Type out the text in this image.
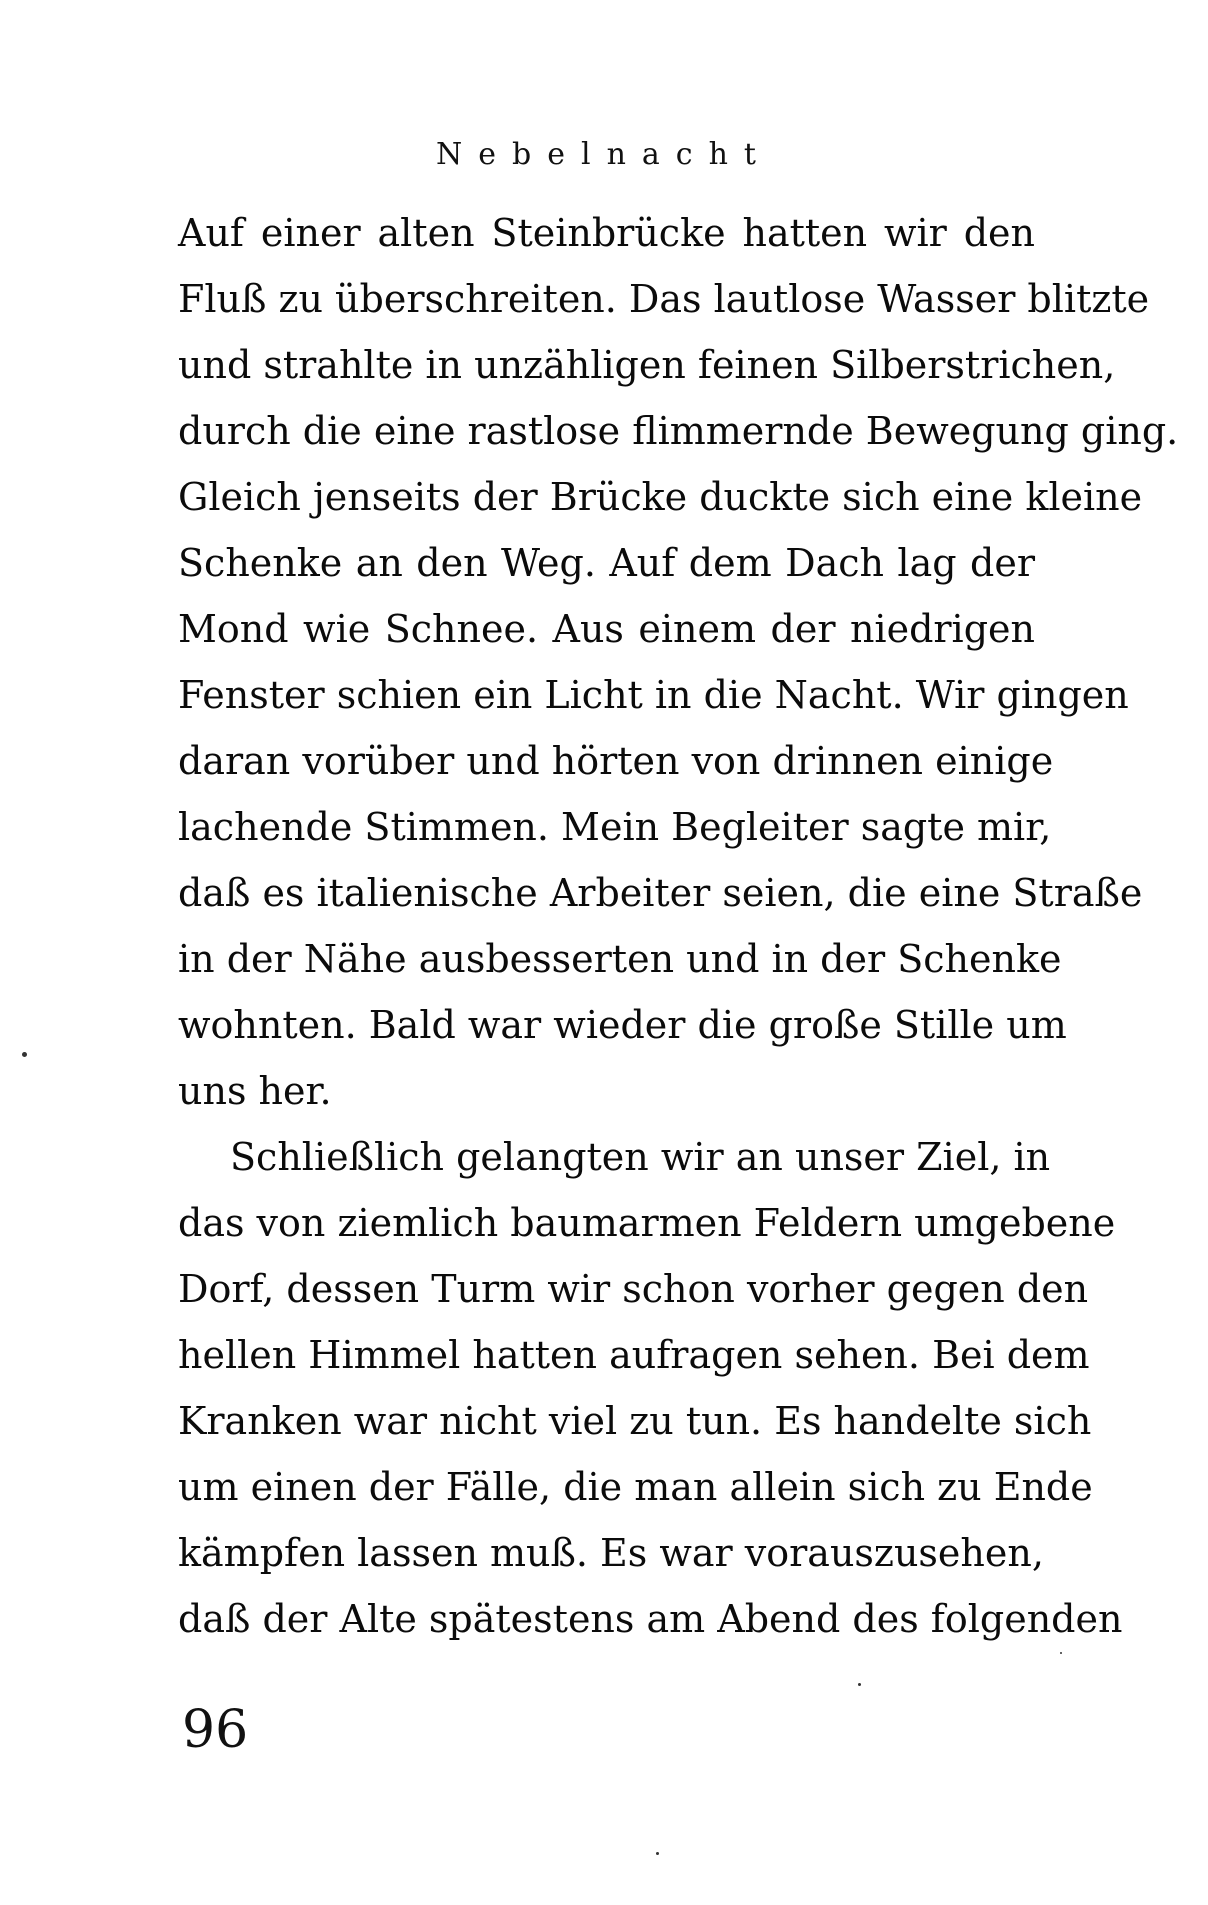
Nebelnacht
Auf einer alten Steinbrücke hatten wir den
Fluß zu überschreiten. Das lautlose Wasser blitzte
und strahlte in unzähligen feinen Silberstrichen,
durch die eine rastlose flimmernde Bewegung ging.
Gleich jenseits der Brücke duckte sich eine kleine
Schenke an den Weg. Auf dem Dach lag der
Mond wie Schnee. Aus einem der niedrigen
Fenster schien ein Licht in die Nacht. Wir gingen
daran vorüber und hörten von drinnen einige
lachende Stimmen. Mein Begleiter sagte mir,
daß es italienische Arbeiter seien, die eine Straße
in der Nähe ausbesserten und in der Schenke
wohnten. Bald war wieder die große Stille um
uns her.
Schließlich gelangten wir an unser Ziel, in
das von ziemlich baumarmen Feldern umgebene
Dorf, dessen Turm wir schon vorher gegen den
hellen Himmel hatten aufragen sehen. Bei dem
Kranken war nicht viel zu tun. Es handelte sich
um einen der Fälle, die man allein sich zu Ende
kämpfen lassen muß. Es war vorauszusehen,
daß der Alte spätestens am Abend des folgenden
96
